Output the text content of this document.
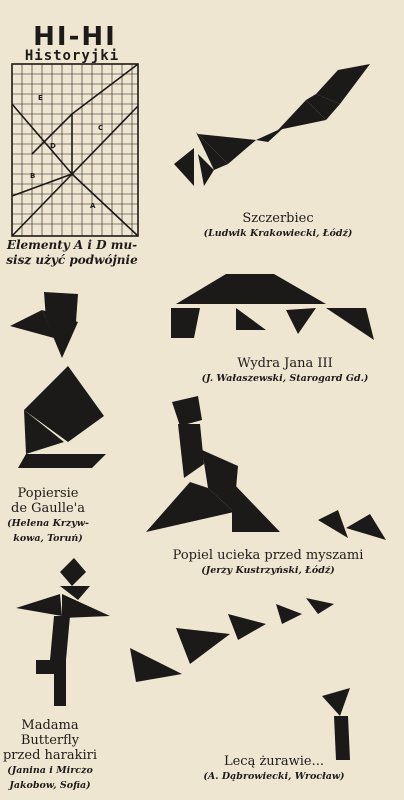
HI-HI
Historyjki
E
D
C
B
A
Elementy A i D mu-
sisz użyć podwójnie
Szczerbiec
(Ludwik Krakowiecki, Łódź)
Wydra Jana III
(J. Wałaszewski, Starogard Gd.)
Popiersie
de Gaulle'a
(Helena Krzyw-
kowa, Toruń)
Popiel ucieka przed myszami
(Jerzy Kustrzyński, Łódź)
Madama
Butterfly
przed harakiri
(Janina i Mirczo
Jakobow, Sofia)
Lecą żurawie...
(A. Dąbrowiecki, Wrocław)
